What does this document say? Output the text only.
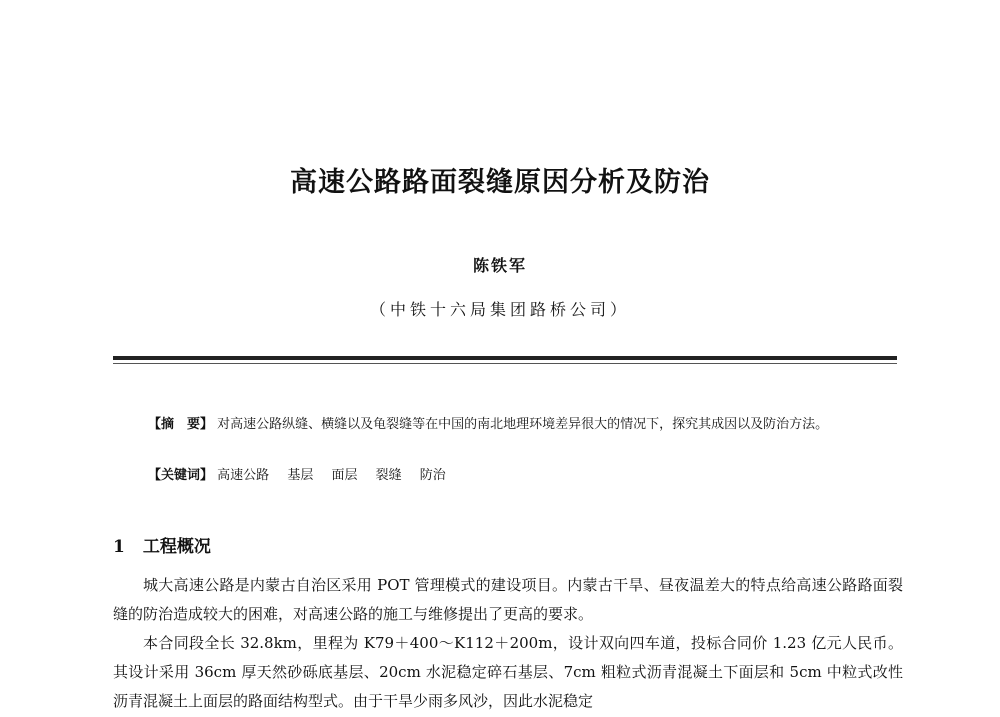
高速公路路面裂缝原因分析及防治
陈铁军
（中铁十六局集团路桥公司）
【摘　要】 对高速公路纵缝、横缝以及龟裂缝等在中国的南北地理环境差异很大的情况下，探究其成因以及防治方法。
【关键词】 高速公路 基层 面层 裂缝 防治
1 工程概况

城大高速公路是内蒙古自治区采用 POT 管理模式的建设项目。内蒙古干旱、昼夜温差大的特点给高速公路路面裂缝的防治造成较大的困难，对高速公路的施工与维修提出了更高的要求。

本合同段全长 32.8km，里程为 K79＋400～K112＋200m，设计双向四车道，投标合同价 1.23 亿元人民币。其设计采用 36cm 厚天然砂砾底基层、20cm 水泥稳定碎石基层、7cm 粗粒式沥青混凝土下面层和 5cm 中粒式改性沥青混凝土上面层的路面结构型式。由于干旱少雨多风沙，因此水泥稳定
